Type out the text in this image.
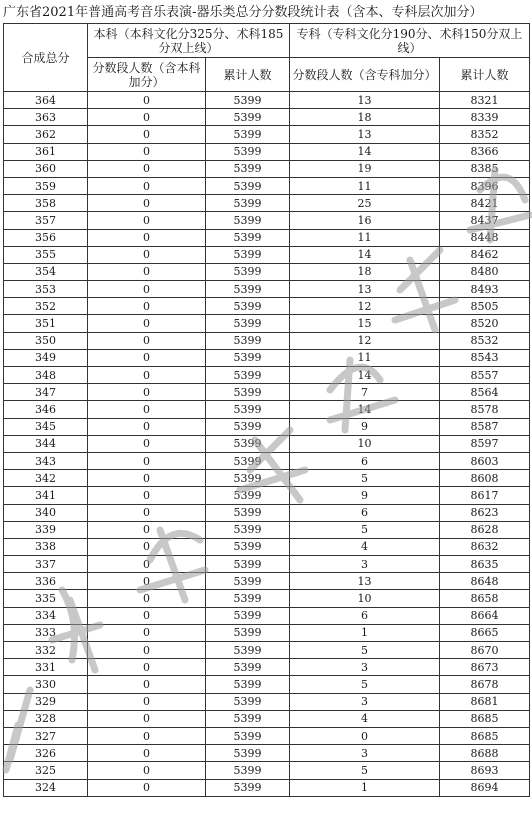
广东省2021年普通高考音乐表演-器乐类总分分数段统计表（含本、专科层次加分）
合成总分	本科（本科文化分325分、术科185分双上线）		专科（专科文化分190分、术科150分双上线）	
	分数段人数（含本科加分）	累计人数	分数段人数（含专科加分）	累计人数
364	0	5399	13	8321
363	0	5399	18	8339
362	0	5399	13	8352
361	0	5399	14	8366
360	0	5399	19	8385
359	0	5399	11	8396
358	0	5399	25	8421
357	0	5399	16	8437
356	0	5399	11	8448
355	0	5399	14	8462
354	0	5399	18	8480
353	0	5399	13	8493
352	0	5399	12	8505
351	0	5399	15	8520
350	0	5399	12	8532
349	0	5399	11	8543
348	0	5399	14	8557
347	0	5399	7	8564
346	0	5399	14	8578
345	0	5399	9	8587
344	0	5399	10	8597
343	0	5399	6	8603
342	0	5399	5	8608
341	0	5399	9	8617
340	0	5399	6	8623
339	0	5399	5	8628
338	0	5399	4	8632
337	0	5399	3	8635
336	0	5399	13	8648
335	0	5399	10	8658
334	0	5399	6	8664
333	0	5399	1	8665
332	0	5399	5	8670
331	0	5399	3	8673
330	0	5399	5	8678
329	0	5399	3	8681
328	0	5399	4	8685
327	0	5399	0	8685
326	0	5399	3	8688
325	0	5399	5	8693
324	0	5399	1	8694
